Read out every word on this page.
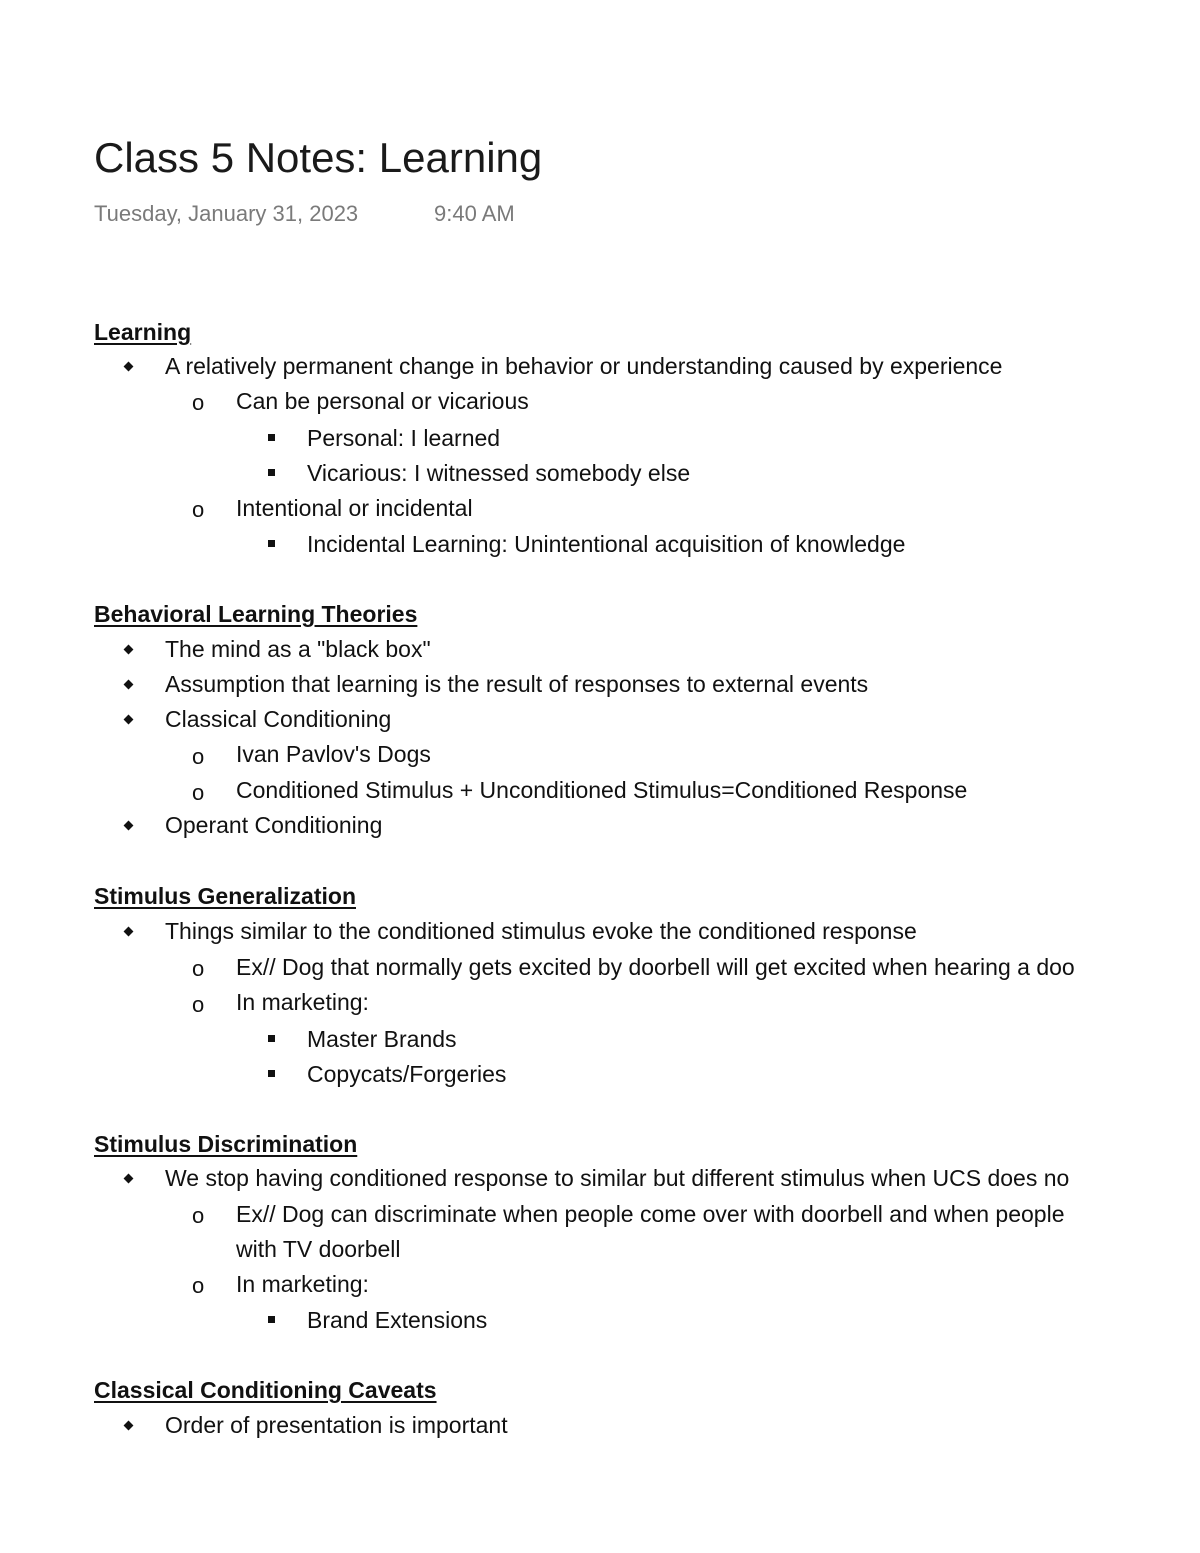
Class 5 Notes: Learning
Tuesday, January 31, 2023	9:40 AM
Learning
A relatively permanent change in behavior or understanding caused by experience
o Can be personal or vicarious
Personal: I learned
Vicarious: I witnessed somebody else
o Intentional or incidental
Incidental Learning: Unintentional acquisition of knowledge
Behavioral Learning Theories
The mind as a "black box"
Assumption that learning is the result of responses to external events
Classical Conditioning
o Ivan Pavlov's Dogs
o Conditioned Stimulus + Unconditioned Stimulus=Conditioned Response
Operant Conditioning
Stimulus Generalization
Things similar to the conditioned stimulus evoke the conditioned response
o Ex// Dog that normally gets excited by doorbell will get excited when hearing a doo
o In marketing:
Master Brands
Copycats/Forgeries
Stimulus Discrimination
We stop having conditioned response to similar but different stimulus when UCS does no
o Ex// Dog can discriminate when people come over with doorbell and when people
with TV doorbell
o In marketing:
Brand Extensions
Classical Conditioning Caveats
Order of presentation is important
